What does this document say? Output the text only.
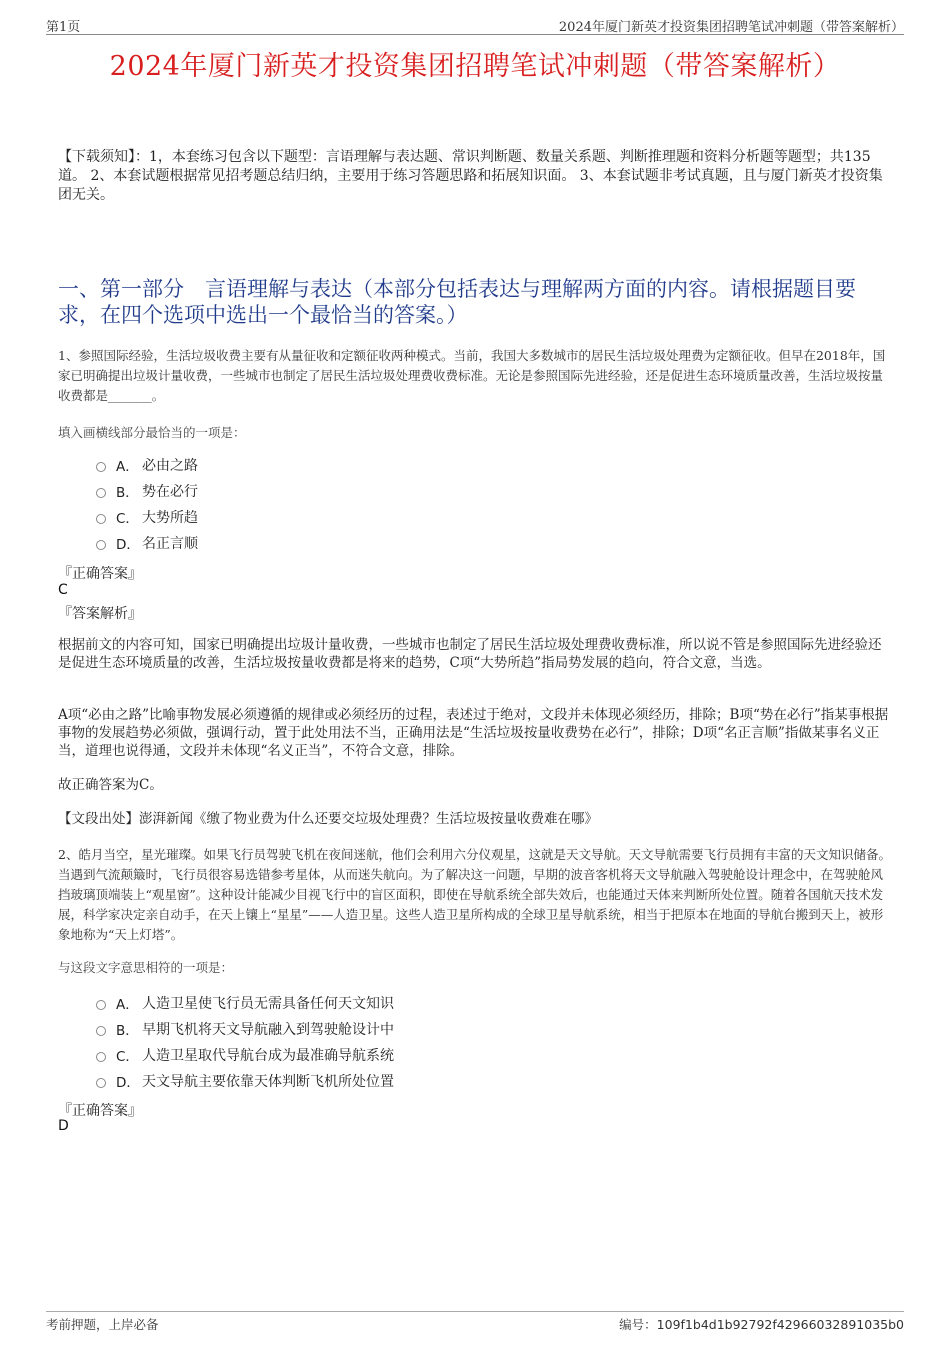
第1页	2024年厦门新英才投资集团招聘笔试冲刺题（带答案解析）
2024年厦门新英才投资集团招聘笔试冲刺题（带答案解析）
【下载须知】：1，本套练习包含以下题型：言语理解与表达题、常识判断题、数量关系题、判断推理题和资料分析题等题型；共135道。 2、本套试题根据常见招考题总结归纳，主要用于练习答题思路和拓展知识面。 3、本套试题非考试真题，且与厦门新英才投资集团无关。
一、第一部分　言语理解与表达（本部分包括表达与理解两方面的内容。请根据题目要求，在四个选项中选出一个最恰当的答案。）
1、参照国际经验，生活垃圾收费主要有从量征收和定额征收两种模式。当前，我国大多数城市的居民生活垃圾处理费为定额征收。但早在2018年，国家已明确提出垃圾计量收费，一些城市也制定了居民生活垃圾处理费收费标准。无论是参照国际先进经验，还是促进生态环境质量改善，生活垃圾按量收费都是_______。
填入画横线部分最恰当的一项是：
A． 必由之路
B． 势在必行
C． 大势所趋
D． 名正言顺
『正确答案』
C
『答案解析』
根据前文的内容可知，国家已明确提出垃圾计量收费，一些城市也制定了居民生活垃圾处理费收费标准，所以说不管是参照国际先进经验还是促进生态环境质量的改善，生活垃圾按量收费都是将来的趋势，C项“大势所趋”指局势发展的趋向，符合文意，当选。
A项“必由之路”比喻事物发展必须遵循的规律或必须经历的过程，表述过于绝对，文段并未体现必须经历，排除；B项“势在必行”指某事根据事物的发展趋势必须做，强调行动，置于此处用法不当，正确用法是“生活垃圾按量收费势在必行”，排除；D项“名正言顺”指做某事名义正当，道理也说得通，文段并未体现“名义正当”，不符合文意，排除。
故正确答案为C。
【文段出处】澎湃新闻《缴了物业费为什么还要交垃圾处理费？生活垃圾按量收费难在哪》
2、皓月当空，星光璀璨。如果飞行员驾驶飞机在夜间迷航，他们会利用六分仪观星，这就是天文导航。天文导航需要飞行员拥有丰富的天文知识储备。当遇到气流颠簸时，飞行员很容易选错参考星体，从而迷失航向。为了解决这一问题，早期的波音客机将天文导航融入驾驶舱设计理念中，在驾驶舱风挡玻璃顶端装上“观星窗”。这种设计能减少目视飞行中的盲区面积，即使在导航系统全部失效后，也能通过天体来判断所处位置。随着各国航天技术发展，科学家决定亲自动手，在天上镶上“星星”——人造卫星。这些人造卫星所构成的全球卫星导航系统，相当于把原本在地面的导航台搬到天上，被形象地称为“天上灯塔”。
与这段文字意思相符的一项是：
A． 人造卫星使飞行员无需具备任何天文知识
B． 早期飞机将天文导航融入到驾驶舱设计中
C． 人造卫星取代导航台成为最准确导航系统
D． 天文导航主要依靠天体判断飞机所处位置
『正确答案』
D
考前押题，上岸必备	编号：109f1b4d1b92792f42966032891035b0
